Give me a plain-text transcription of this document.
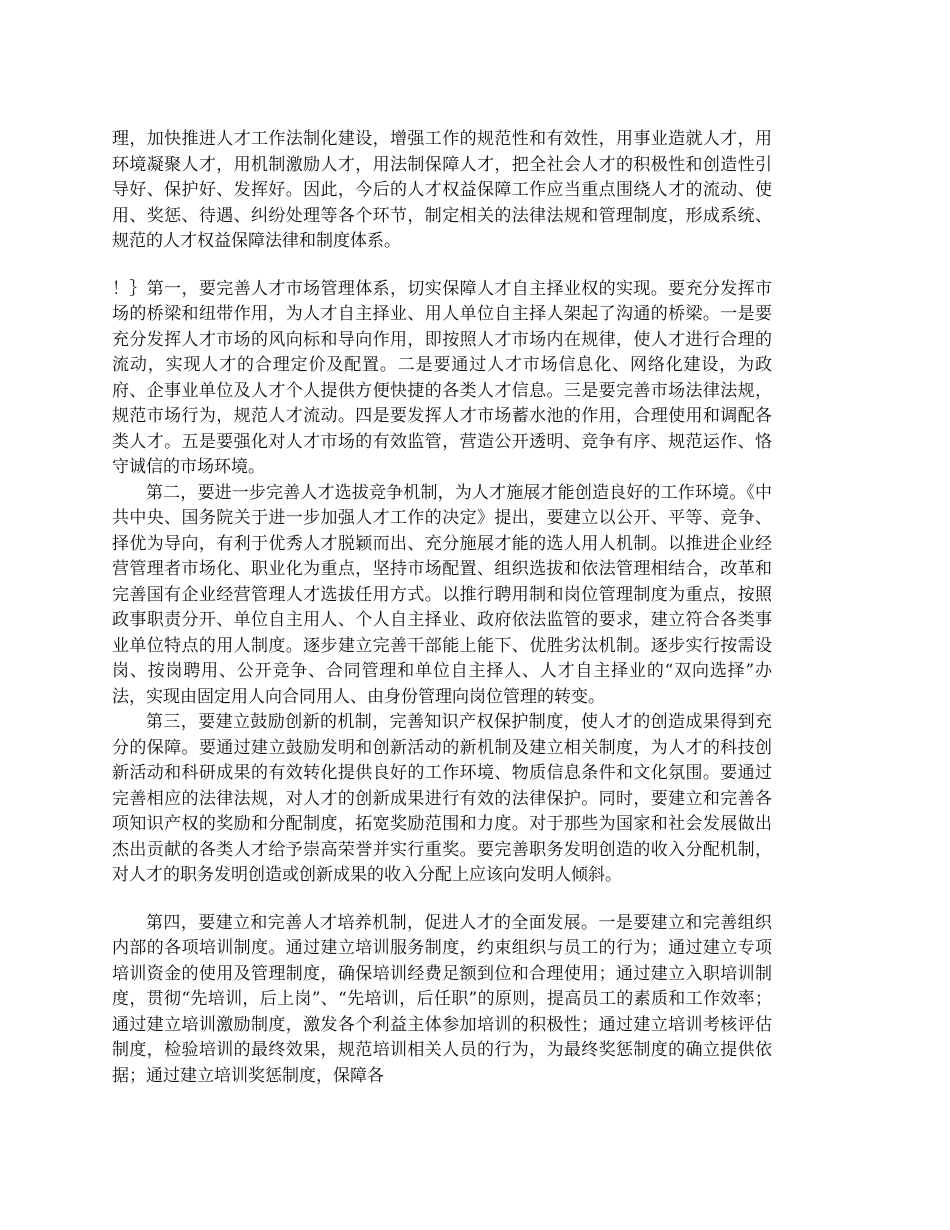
理，加快推进人才工作法制化建设，增强工作的规范性和有效性，用事业造就人才，用环境凝聚人才，用机制激励人才，用法制保障人才，把全社会人才的积极性和创造性引导好、保护好、发挥好。因此，今后的人才权益保障工作应当重点围绕人才的流动、使用、奖惩、待遇、纠纷处理等各个环节，制定相关的法律法规和管理制度，形成系统、规范的人才权益保障法律和制度体系。

！｝第一，要完善人才市场管理体系，切实保障人才自主择业权的实现。要充分发挥市场的桥梁和纽带作用，为人才自主择业、用人单位自主择人架起了沟通的桥梁。一是要充分发挥人才市场的风向标和导向作用，即按照人才市场内在规律，使人才进行合理的流动，实现人才的合理定价及配置。二是要通过人才市场信息化、网络化建设，为政府、企事业单位及人才个人提供方便快捷的各类人才信息。三是要完善市场法律法规，规范市场行为，规范人才流动。四是要发挥人才市场蓄水池的作用，合理使用和调配各类人才。五是要强化对人才市场的有效监管，营造公开透明、竞争有序、规范运作、恪守诚信的市场环境。

第二，要进一步完善人才选拔竞争机制，为人才施展才能创造良好的工作环境。《中共中央、国务院关于进一步加强人才工作的决定》提出，要建立以公开、平等、竞争、择优为导向，有利于优秀人才脱颖而出、充分施展才能的选人用人机制。以推进企业经营管理者市场化、职业化为重点，坚持市场配置、组织选拔和依法管理相结合，改革和完善国有企业经营管理人才选拔任用方式。以推行聘用制和岗位管理制度为重点，按照政事职责分开、单位自主用人、个人自主择业、政府依法监管的要求，建立符合各类事业单位特点的用人制度。逐步建立完善干部能上能下、优胜劣汰机制。逐步实行按需设岗、按岗聘用、公开竞争、合同管理和单位自主择人、人才自主择业的“双向选择”办法，实现由固定用人向合同用人、由身份管理向岗位管理的转变。

第三，要建立鼓励创新的机制，完善知识产权保护制度，使人才的创造成果得到充分的保障。要通过建立鼓励发明和创新活动的新机制及建立相关制度，为人才的科技创新活动和科研成果的有效转化提供良好的工作环境、物质信息条件和文化氛围。要通过完善相应的法律法规，对人才的创新成果进行有效的法律保护。同时，要建立和完善各项知识产权的奖励和分配制度，拓宽奖励范围和力度。对于那些为国家和社会发展做出杰出贡献的各类人才给予崇高荣誉并实行重奖。要完善职务发明创造的收入分配机制，对人才的职务发明创造或创新成果的收入分配上应该向发明人倾斜。

第四，要建立和完善人才培养机制，促进人才的全面发展。一是要建立和完善组织内部的各项培训制度。通过建立培训服务制度，约束组织与员工的行为；通过建立专项培训资金的使用及管理制度，确保培训经费足额到位和合理使用；通过建立入职培训制度，贯彻“先培训，后上岗”、“先培训，后任职”的原则，提高员工的素质和工作效率；通过建立培训激励制度，激发各个利益主体参加培训的积极性；通过建立培训考核评估制度，检验培训的最终效果，规范培训相关人员的行为，为最终奖惩制度的确立提供依据；通过建立培训奖惩制度，保障各
